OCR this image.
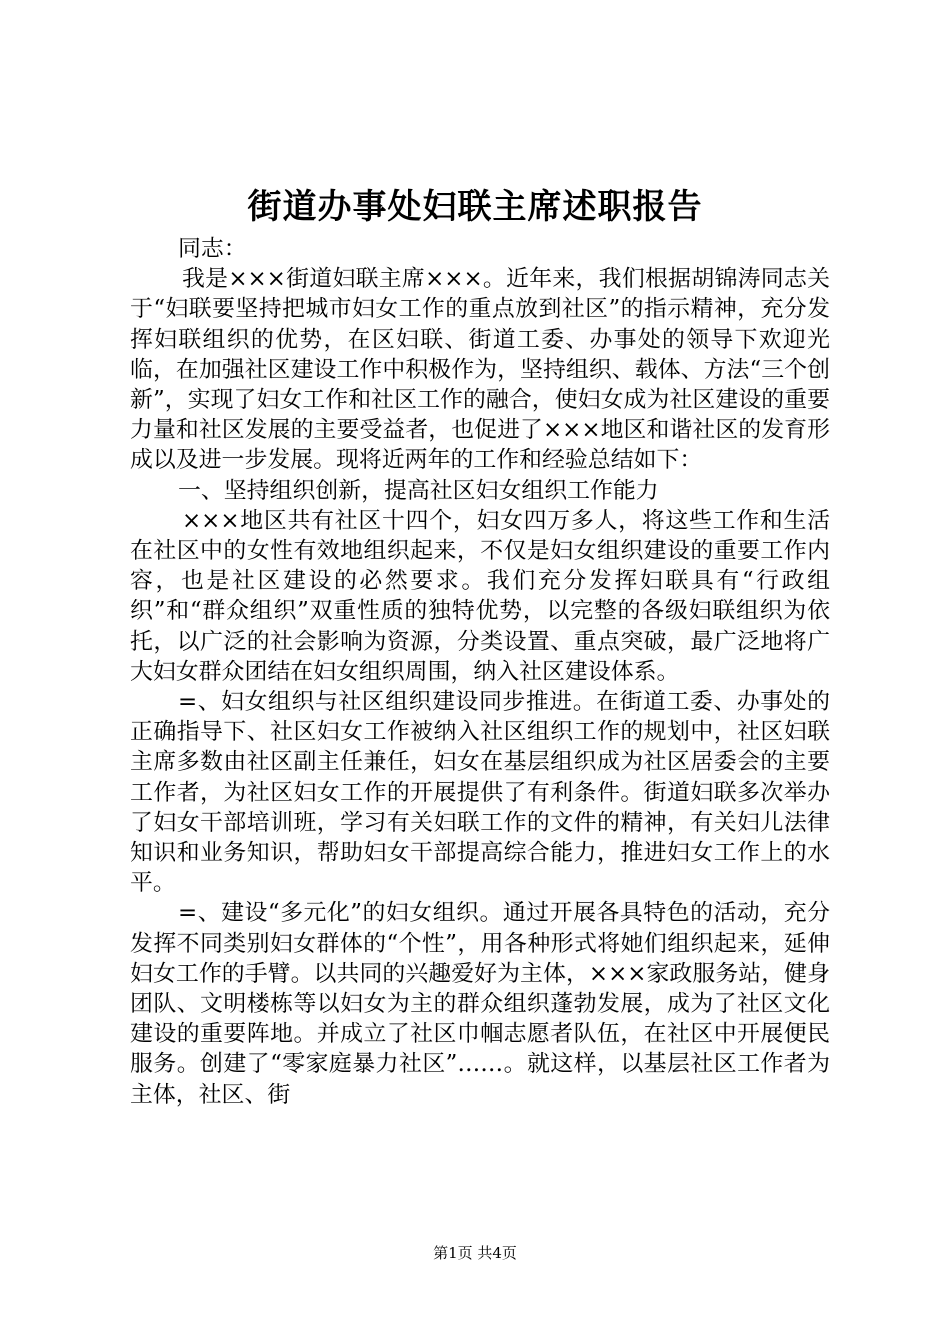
街道办事处妇联主席述职报告

同志：

我是×××街道妇联主席×××。近年来，我们根据胡锦涛同志关于“妇联要坚持把城市妇女工作的重点放到社区”的指示精神，充分发挥妇联组织的优势，在区妇联、街道工委、办事处的领导下欢迎光临，在加强社区建设工作中积极作为，坚持组织、载体、方法“三个创新”，实现了妇女工作和社区工作的融合，使妇女成为社区建设的重要力量和社区发展的主要受益者，也促进了×××地区和谐社区的发育形成以及进一步发展。现将近两年的工作和经验总结如下：

一、坚持组织创新，提高社区妇女组织工作能力

×××地区共有社区十四个，妇女四万多人，将这些工作和生活在社区中的女性有效地组织起来，不仅是妇女组织建设的重要工作内容，也是社区建设的必然要求。我们充分发挥妇联具有“行政组织”和“群众组织”双重性质的独特优势，以完整的各级妇联组织为依托，以广泛的社会影响为资源，分类设置、重点突破，最广泛地将广大妇女群众团结在妇女组织周围，纳入社区建设体系。

=、妇女组织与社区组织建设同步推进。在街道工委、办事处的正确指导下、社区妇女工作被纳入社区组织工作的规划中，社区妇联主席多数由社区副主任兼任，妇女在基层组织成为社区居委会的主要工作者，为社区妇女工作的开展提供了有利条件。街道妇联多次举办了妇女干部培训班，学习有关妇联工作的文件的精神，有关妇儿法律知识和业务知识，帮助妇女干部提高综合能力，推进妇女工作上的水平。

=、建设“多元化”的妇女组织。通过开展各具特色的活动，充分发挥不同类别妇女群体的“个性”，用各种形式将她们组织起来，延伸妇女工作的手臂。以共同的兴趣爱好为主体，×××家政服务站，健身团队、文明楼栋等以妇女为主的群众组织蓬勃发展，成为了社区文化建设的重要阵地。并成立了社区巾帼志愿者队伍，在社区中开展便民服务。创建了“零家庭暴力社区”……。就这样，以基层社区工作者为主体，社区、街

第1页 共4页
